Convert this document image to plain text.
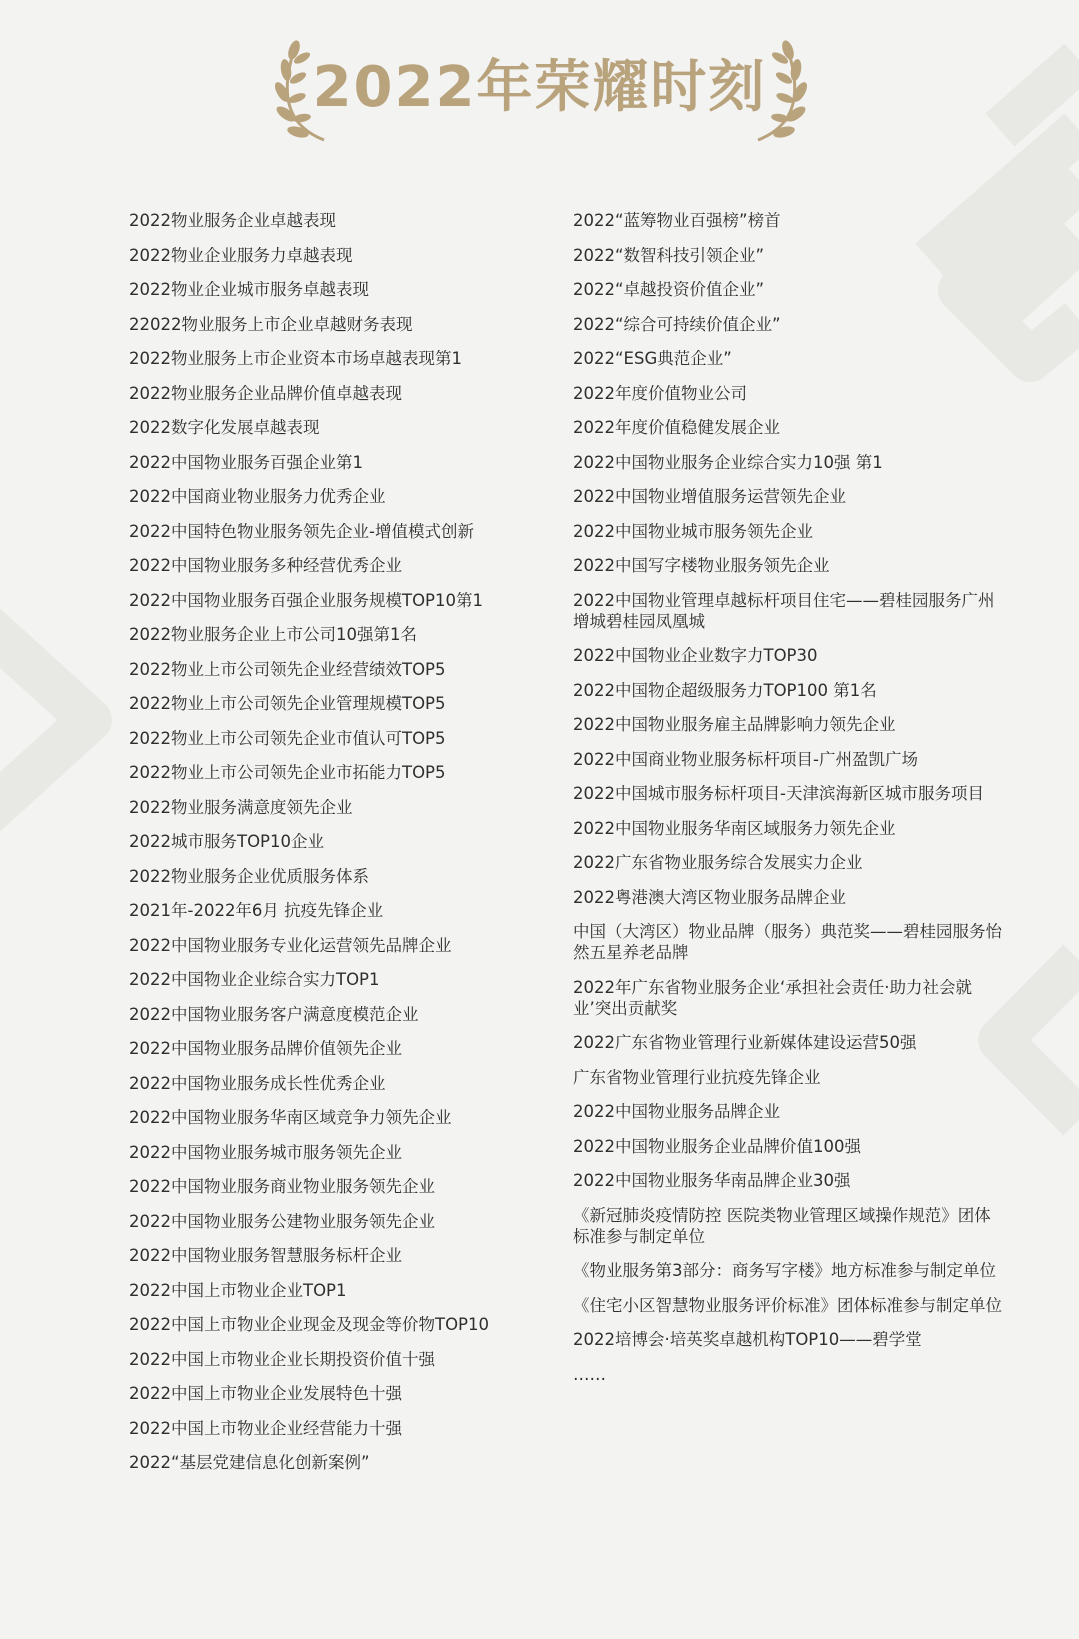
2022年荣耀时刻
2022物业服务企业卓越表现
2022物业企业服务力卓越表现
2022物业企业城市服务卓越表现
22022物业服务上市企业卓越财务表现
2022物业服务上市企业资本市场卓越表现第1
2022物业服务企业品牌价值卓越表现
2022数字化发展卓越表现
2022中国物业服务百强企业第1
2022中国商业物业服务力优秀企业
2022中国特色物业服务领先企业-增值模式创新
2022中国物业服务多种经营优秀企业
2022中国物业服务百强企业服务规模TOP10第1
2022物业服务企业上市公司10强第1名
2022物业上市公司领先企业经营绩效TOP5
2022物业上市公司领先企业管理规模TOP5
2022物业上市公司领先企业市值认可TOP5
2022物业上市公司领先企业市拓能力TOP5
2022物业服务满意度领先企业
2022城市服务TOP10企业
2022物业服务企业优质服务体系
2021年-2022年6月 抗疫先锋企业
2022中国物业服务专业化运营领先品牌企业
2022中国物业企业综合实力TOP1
2022中国物业服务客户满意度模范企业
2022中国物业服务品牌价值领先企业
2022中国物业服务成长性优秀企业
2022中国物业服务华南区域竞争力领先企业
2022中国物业服务城市服务领先企业
2022中国物业服务商业物业服务领先企业
2022中国物业服务公建物业服务领先企业
2022中国物业服务智慧服务标杆企业
2022中国上市物业企业TOP1
2022中国上市物业企业现金及现金等价物TOP10
2022中国上市物业企业长期投资价值十强
2022中国上市物业企业发展特色十强
2022中国上市物业企业经营能力十强
2022“基层党建信息化创新案例”
2022“蓝筹物业百强榜”榜首
2022“数智科技引领企业”
2022“卓越投资价值企业”
2022“综合可持续价值企业”
2022“ESG典范企业”
2022年度价值物业公司
2022年度价值稳健发展企业
2022中国物业服务企业综合实力10强 第1
2022中国物业增值服务运营领先企业
2022中国物业城市服务领先企业
2022中国写字楼物业服务领先企业
2022中国物业管理卓越标杆项目住宅——碧桂园服务广州增城碧桂园凤凰城
2022中国物业企业数字力TOP30
2022中国物企超级服务力TOP100 第1名
2022中国物业服务雇主品牌影响力领先企业
2022中国商业物业服务标杆项目-广州盈凯广场
2022中国城市服务标杆项目-天津滨海新区城市服务项目
2022中国物业服务华南区域服务力领先企业
2022广东省物业服务综合发展实力企业
2022粤港澳大湾区物业服务品牌企业
中国（大湾区）物业品牌（服务）典范奖——碧桂园服务怡然五星养老品牌
2022年广东省物业服务企业‘承担社会责任·助力社会就业’突出贡献奖
2022广东省物业管理行业新媒体建设运营50强
广东省物业管理行业抗疫先锋企业
2022中国物业服务品牌企业
2022中国物业服务企业品牌价值100强
2022中国物业服务华南品牌企业30强
《新冠肺炎疫情防控 医院类物业管理区域操作规范》团体标准参与制定单位
《物业服务第3部分：商务写字楼》地方标准参与制定单位
《住宅小区智慧物业服务评价标准》团体标准参与制定单位
2022培博会·培英奖卓越机构TOP10——碧学堂
……
